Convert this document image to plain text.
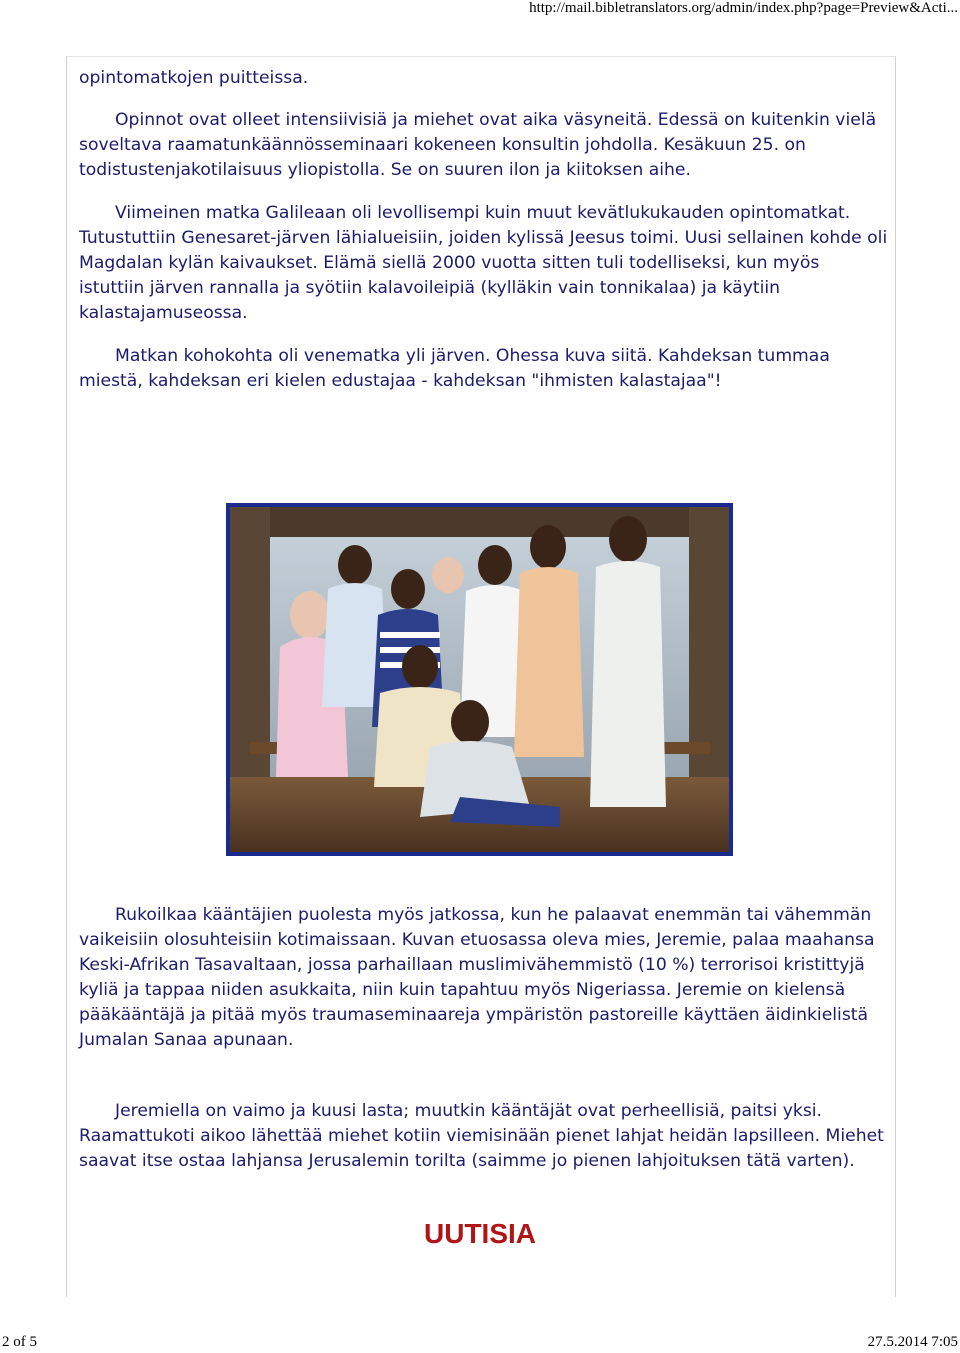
http://mail.bibletranslators.org/admin/index.php?page=Preview&Acti...

opintomatkojen puitteissa.

Opinnot ovat olleet intensiivisiä ja miehet ovat aika väsyneitä. Edessä on kuitenkin vielä soveltava raamatunkäännösseminaari kokeneen konsultin johdolla. Kesäkuun 25. on todistustenjakotilaisuus yliopistolla. Se on suuren ilon ja kiitoksen aihe.

Viimeinen matka Galileaan oli levollisempi kuin muut kevätlukukauden opintomatkat. Tutustuttiin Genesaret-järven lähialueisiin, joiden kylissä Jeesus toimi. Uusi sellainen kohde oli Magdalan kylän kaivaukset. Elämä siellä 2000 vuotta sitten tuli todelliseksi, kun myös istuttiin järven rannalla ja syötiin kalavoileipiä (kylläkin vain tonnikalaa) ja käytiin kalastajamuseossa.

Matkan kohokohta oli venematka yli järven. Ohessa kuva siitä. Kahdeksan tummaa miestä, kahdeksan eri kielen edustajaa - kahdeksan "ihmisten kalastajaa"!

Rukoilkaa kääntäjien puolesta myös jatkossa, kun he palaavat enemmän tai vähemmän vaikeisiin olosuhteisiin kotimaissaan. Kuvan etuosassa oleva mies, Jeremie, palaa maahansa Keski-Afrikan Tasavaltaan, jossa parhaillaan muslimivähemmistö (10 %) terrorisoi kristittyjä kyliä ja tappaa niiden asukkaita, niin kuin tapahtuu myös Nigeriassa. Jeremie on kielensä pääkääntäjä ja pitää myös traumaseminaareja ympäristön pastoreille käyttäen äidinkielistä Jumalan Sanaa apunaan.

Jeremiella on vaimo ja kuusi lasta; muutkin kääntäjät ovat perheellisiä, paitsi yksi. Raamattukoti aikoo lähettää miehet kotiin viemisinään pienet lahjat heidän lapsilleen. Miehet saavat itse ostaa lahjansa Jerusalemin torilta (saimme jo pienen lahjoituksen tätä varten).

UUTISIA
2 of 5	27.5.2014 7:05
